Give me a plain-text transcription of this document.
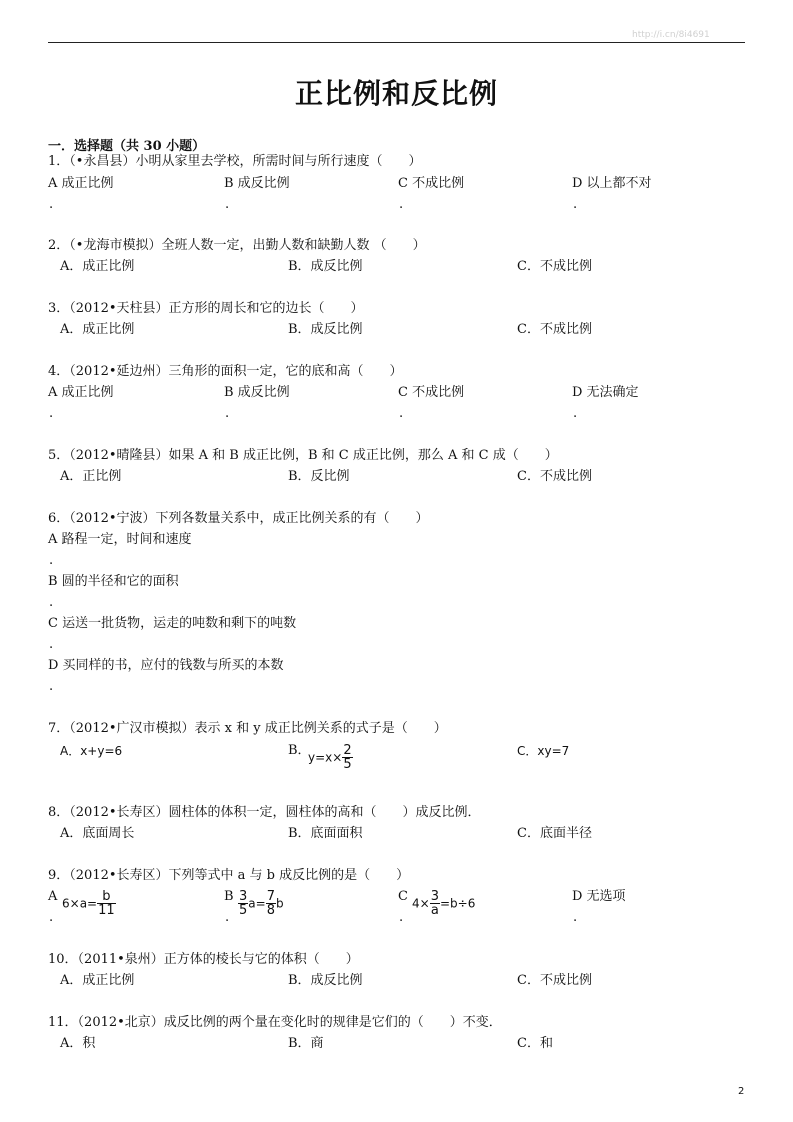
http://i.cn/8i4691
正比例和反比例
一．选择题（共 30 小题）
1．（•永昌县）小明从家里去学校，所需时间与所行速度（　　）
A 成正比例	B 成反比例	C 不成比例	D 以上都不对
.	.	.	.
2．（•龙海市模拟）全班人数一定，出勤人数和缺勤人数 （　　）
A．成正比例	B．成反比例	C．不成比例
3．（2012•天柱县）正方形的周长和它的边长（　　）
A．成正比例	B．成反比例	C．不成比例
4．（2012•延边州）三角形的面积一定，它的底和高（　　）
A 成正比例	B 成反比例	C 不成比例	D 无法确定
.	.	.	.
5．（2012•晴隆县）如果 A 和 B 成正比例，B 和 C 成正比例，那么 A 和 C 成（　　）
A．正比例	B．反比例	C．不成比例
6．（2012•宁波）下列各数量关系中，成正比例关系的有（　　）
A 路程一定，时间和速度
.
B 圆的半径和它的面积
.
C 运送一批货物，运走的吨数和剩下的吨数
.
D 买同样的书，应付的钱数与所买的本数
.
7．（2012•广汉市模拟）表示 x 和 y 成正比例关系的式子是（　　）
A．x+y=6	B．
$y=x\times \frac{2}{5}$	C．xy=7
8．（2012•长寿区）圆柱体的体积一定，圆柱体的高和（　　）成反比例．
A．底面周长	B．底面面积	C．底面半径
9．（2012•长寿区）下列等式中 a 与 b 成反比例的是（　　）
A $6\times a= \frac{b}{11}$	B $\frac{3}{5} a= \frac{7}{8}$ b	C $4\times \frac{3}{a} =b\div 6$	D 无选项
.	.	.	.
10．（2011•泉州）正方体的棱长与它的体积（　　）
A．成正比例	B．成反比例	C．不成比例
11．（2012•北京）成反比例的两个量在变化时的规律是它们的（　　）不变．
A．积	B．商	C．和
2
